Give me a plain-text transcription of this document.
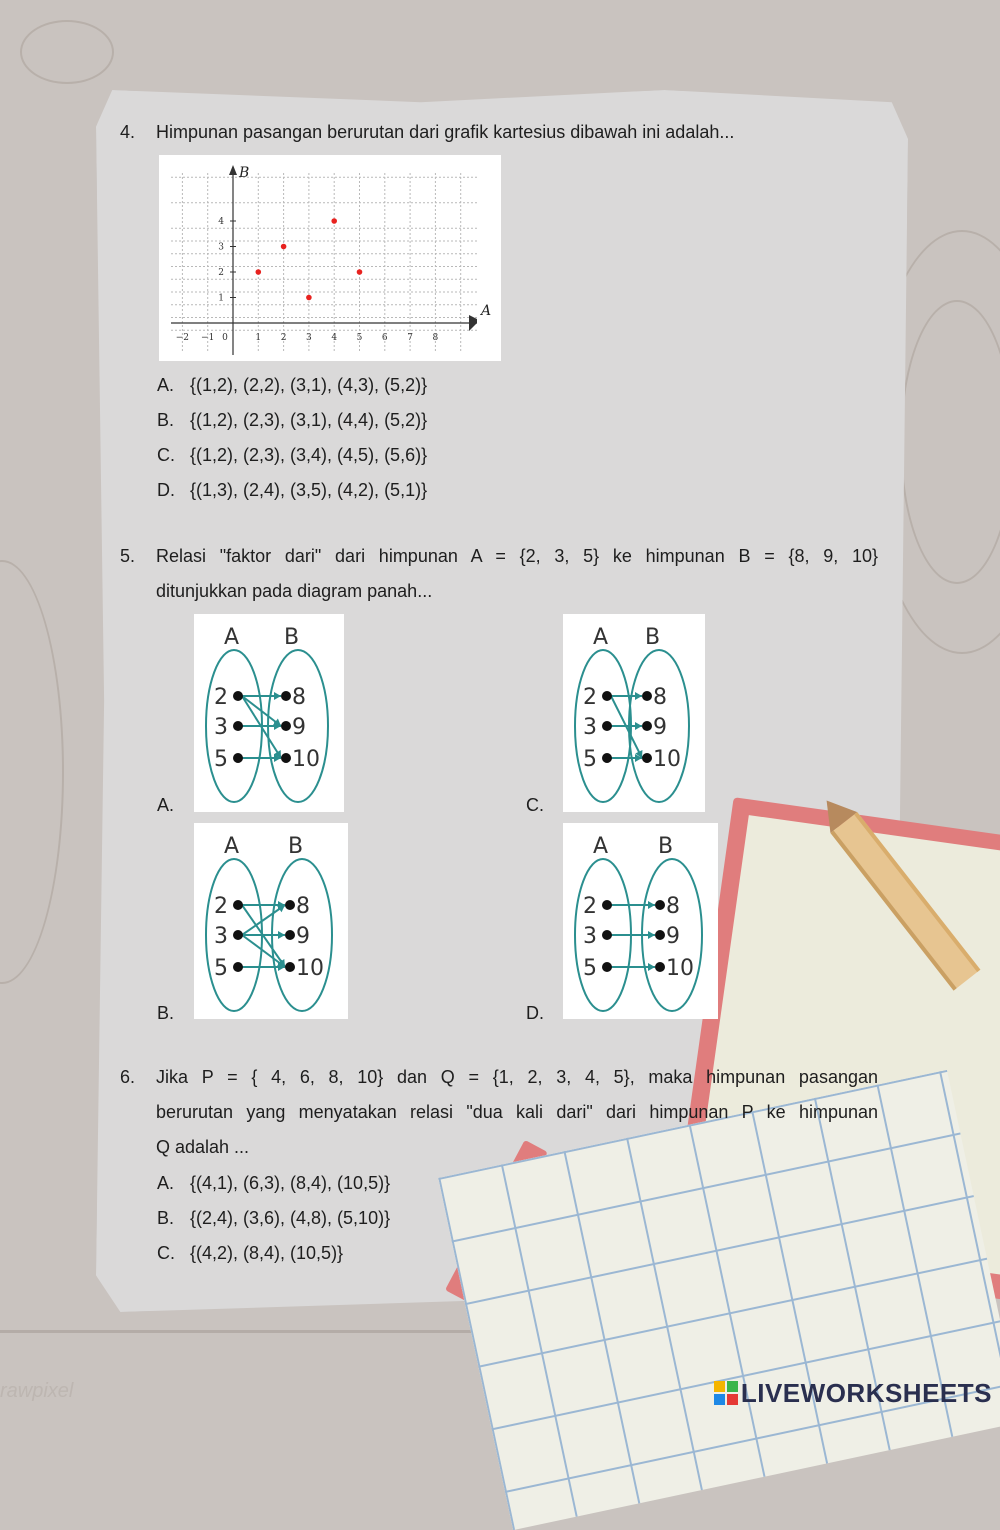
4.	Himpunan pasangan berurutan dari grafik kartesius dibawah ini adalah...
−2 −1 0	1 2 3 4 5 6 7 8
1
2
3
4
A
B
A. {(1,2), (2,2), (3,1), (4,3), (5,2)}
B. {(1,2), (2,3), (3,1), (4,4), (5,2)}
C. {(1,2), (2,3), (3,4), (4,5), (5,6)}
D. {(1,3), (2,4), (3,5), (4,2), (5,1)}
5.	Relasi "faktor dari" dari himpunan A = {2, 3, 5} ke himpunan B = {8, 9, 10}
ditunjukkan pada diagram panah...
A.
B.
C.
D.
A B
2
3
5
8
9
10
A B
2
3
5
8
9
10
A B
2
3
5
8
9
10
A B
2
3
5
8
9
10
6.	Jika P = { 4, 6, 8, 10} dan Q = {1, 2, 3, 4, 5}, maka himpunan pasangan
berurutan yang menyatakan relasi "dua kali dari" dari himpunan P ke himpunan
Q adalah ...
A. {(4,1), (6,3), (8,4), (10,5)}
B. {(2,4), (3,6), (4,8), (5,10)}
C. {(4,2), (8,4), (10,5)}
rawpixel	LIVEWORKSHEETS
